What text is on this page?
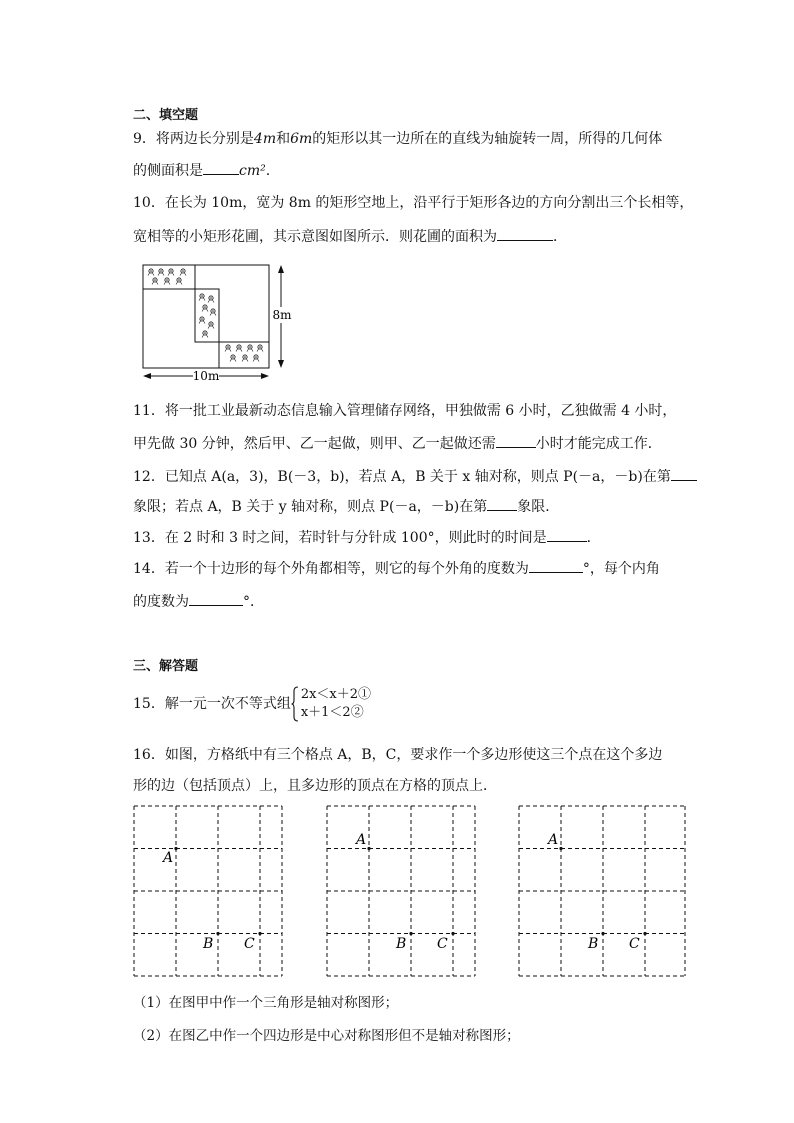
二、填空题
9．将两边长分别是4m和6m的矩形以其一边所在的直线为轴旋转一周，所得的几何体
的侧面积是	cm².
10．在长为 10m，宽为 8m 的矩形空地上，沿平行于矩形各边的方向分割出三个长相等，
宽相等的小矩形花圃，其示意图如图所示．则花圃的面积为	．
8m
10m
11．将一批工业最新动态信息输入管理储存网络，甲独做需 6 小时，乙独做需 4 小时，
甲先做 30 分钟，然后甲、乙一起做，则甲、乙一起做还需	小时才能完成工作．
12．已知点 A(a，3)，B(－3，b)，若点 A，B 关于 x 轴对称，则点 P(－a，－b)在第
象限；若点 A，B 关于 y 轴对称，则点 P(－a，－b)在第 象限．
13．在 2 时和 3 时之间，若时针与分针成 100°，则此时的时间是	．
14．若一个十边形的每个外角都相等，则它的每个外角的度数为	°，每个内角
的度数为	°．
三、解答题
15．解一元一次不等式组
2x＜x＋2①
x＋1＜2②
16．如图，方格纸中有三个格点 A，B，C，要求作一个多边形使这三个点在这个多边
形的边（包括顶点）上，且多边形的顶点在方格的顶点上．
A
B C
A
B C
A
B C
（1）在图甲中作一个三角形是轴对称图形；
（2）在图乙中作一个四边形是中心对称图形但不是轴对称图形；
